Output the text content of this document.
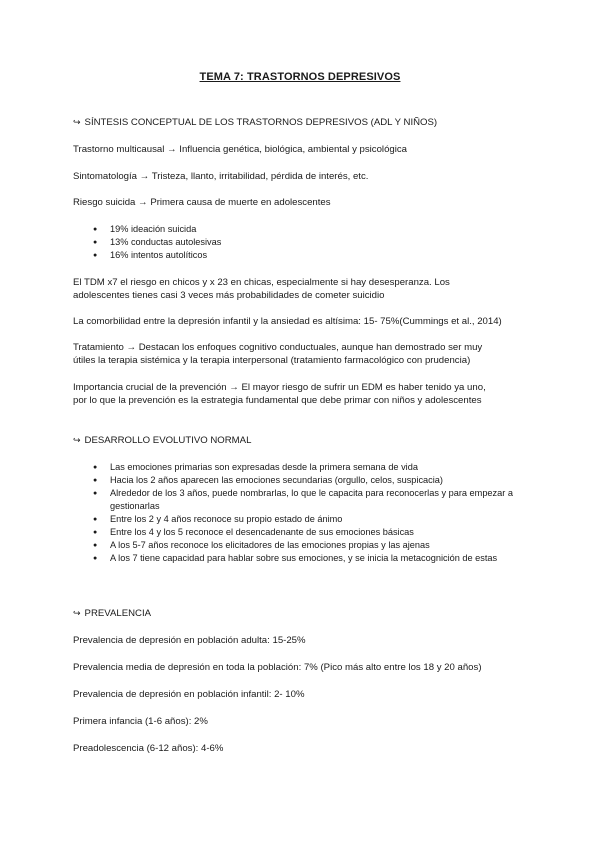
TEMA 7: TRASTORNOS DEPRESIVOS
↪ SÍNTESIS CONCEPTUAL DE LOS TRASTORNOS DEPRESIVOS (ADL Y NIÑOS)
Trastorno multicausal → Influencia genética, biológica, ambiental y psicológica
Sintomatología → Tristeza, llanto, irritabilidad, pérdida de interés, etc.
Riesgo suicida → Primera causa de muerte en adolescentes
● 19% ideación suicida
● 13% conductas autolesivas
● 16% intentos autolíticos
El TDM x7 el riesgo en chicos y x 23 en chicas, especialmente si hay desesperanza. Los
adolescentes tienes casi 3 veces más probabilidades de cometer suicidio
La comorbilidad entre la depresión infantil y la ansiedad es altísima: 15- 75%(Cummings et al., 2014)
Tratamiento → Destacan los enfoques cognitivo conductuales, aunque han demostrado ser muy
útiles la terapia sistémica y la terapia interpersonal (tratamiento farmacológico con prudencia)
Importancia crucial de la prevención → El mayor riesgo de sufrir un EDM es haber tenido ya uno,
por lo que la prevención es la estrategia fundamental que debe primar con niños y adolescentes
↪ DESARROLLO EVOLUTIVO NORMAL
● Las emociones primarias son expresadas desde la primera semana de vida
● Hacia los 2 años aparecen las emociones secundarias (orgullo, celos, suspicacia)
● Alrededor de los 3 años, puede nombrarlas, lo que le capacita para reconocerlas y para empezar a gestionarlas
● Entre los 2 y 4 años reconoce su propio estado de ánimo
● Entre los 4 y los 5 reconoce el desencadenante de sus emociones básicas
● A los 5-7 años reconoce los elicitadores de las emociones propias y las ajenas
● A los 7 tiene capacidad para hablar sobre sus emociones, y se inicia la metacognición de estas
↪ PREVALENCIA
Prevalencia de depresión en población adulta: 15-25%
Prevalencia media de depresión en toda la población: 7% (Pico más alto entre los 18 y 20 años)
Prevalencia de depresión en población infantil: 2- 10%
Primera infancia (1-6 años): 2%
Preadolescencia (6-12 años): 4-6%
